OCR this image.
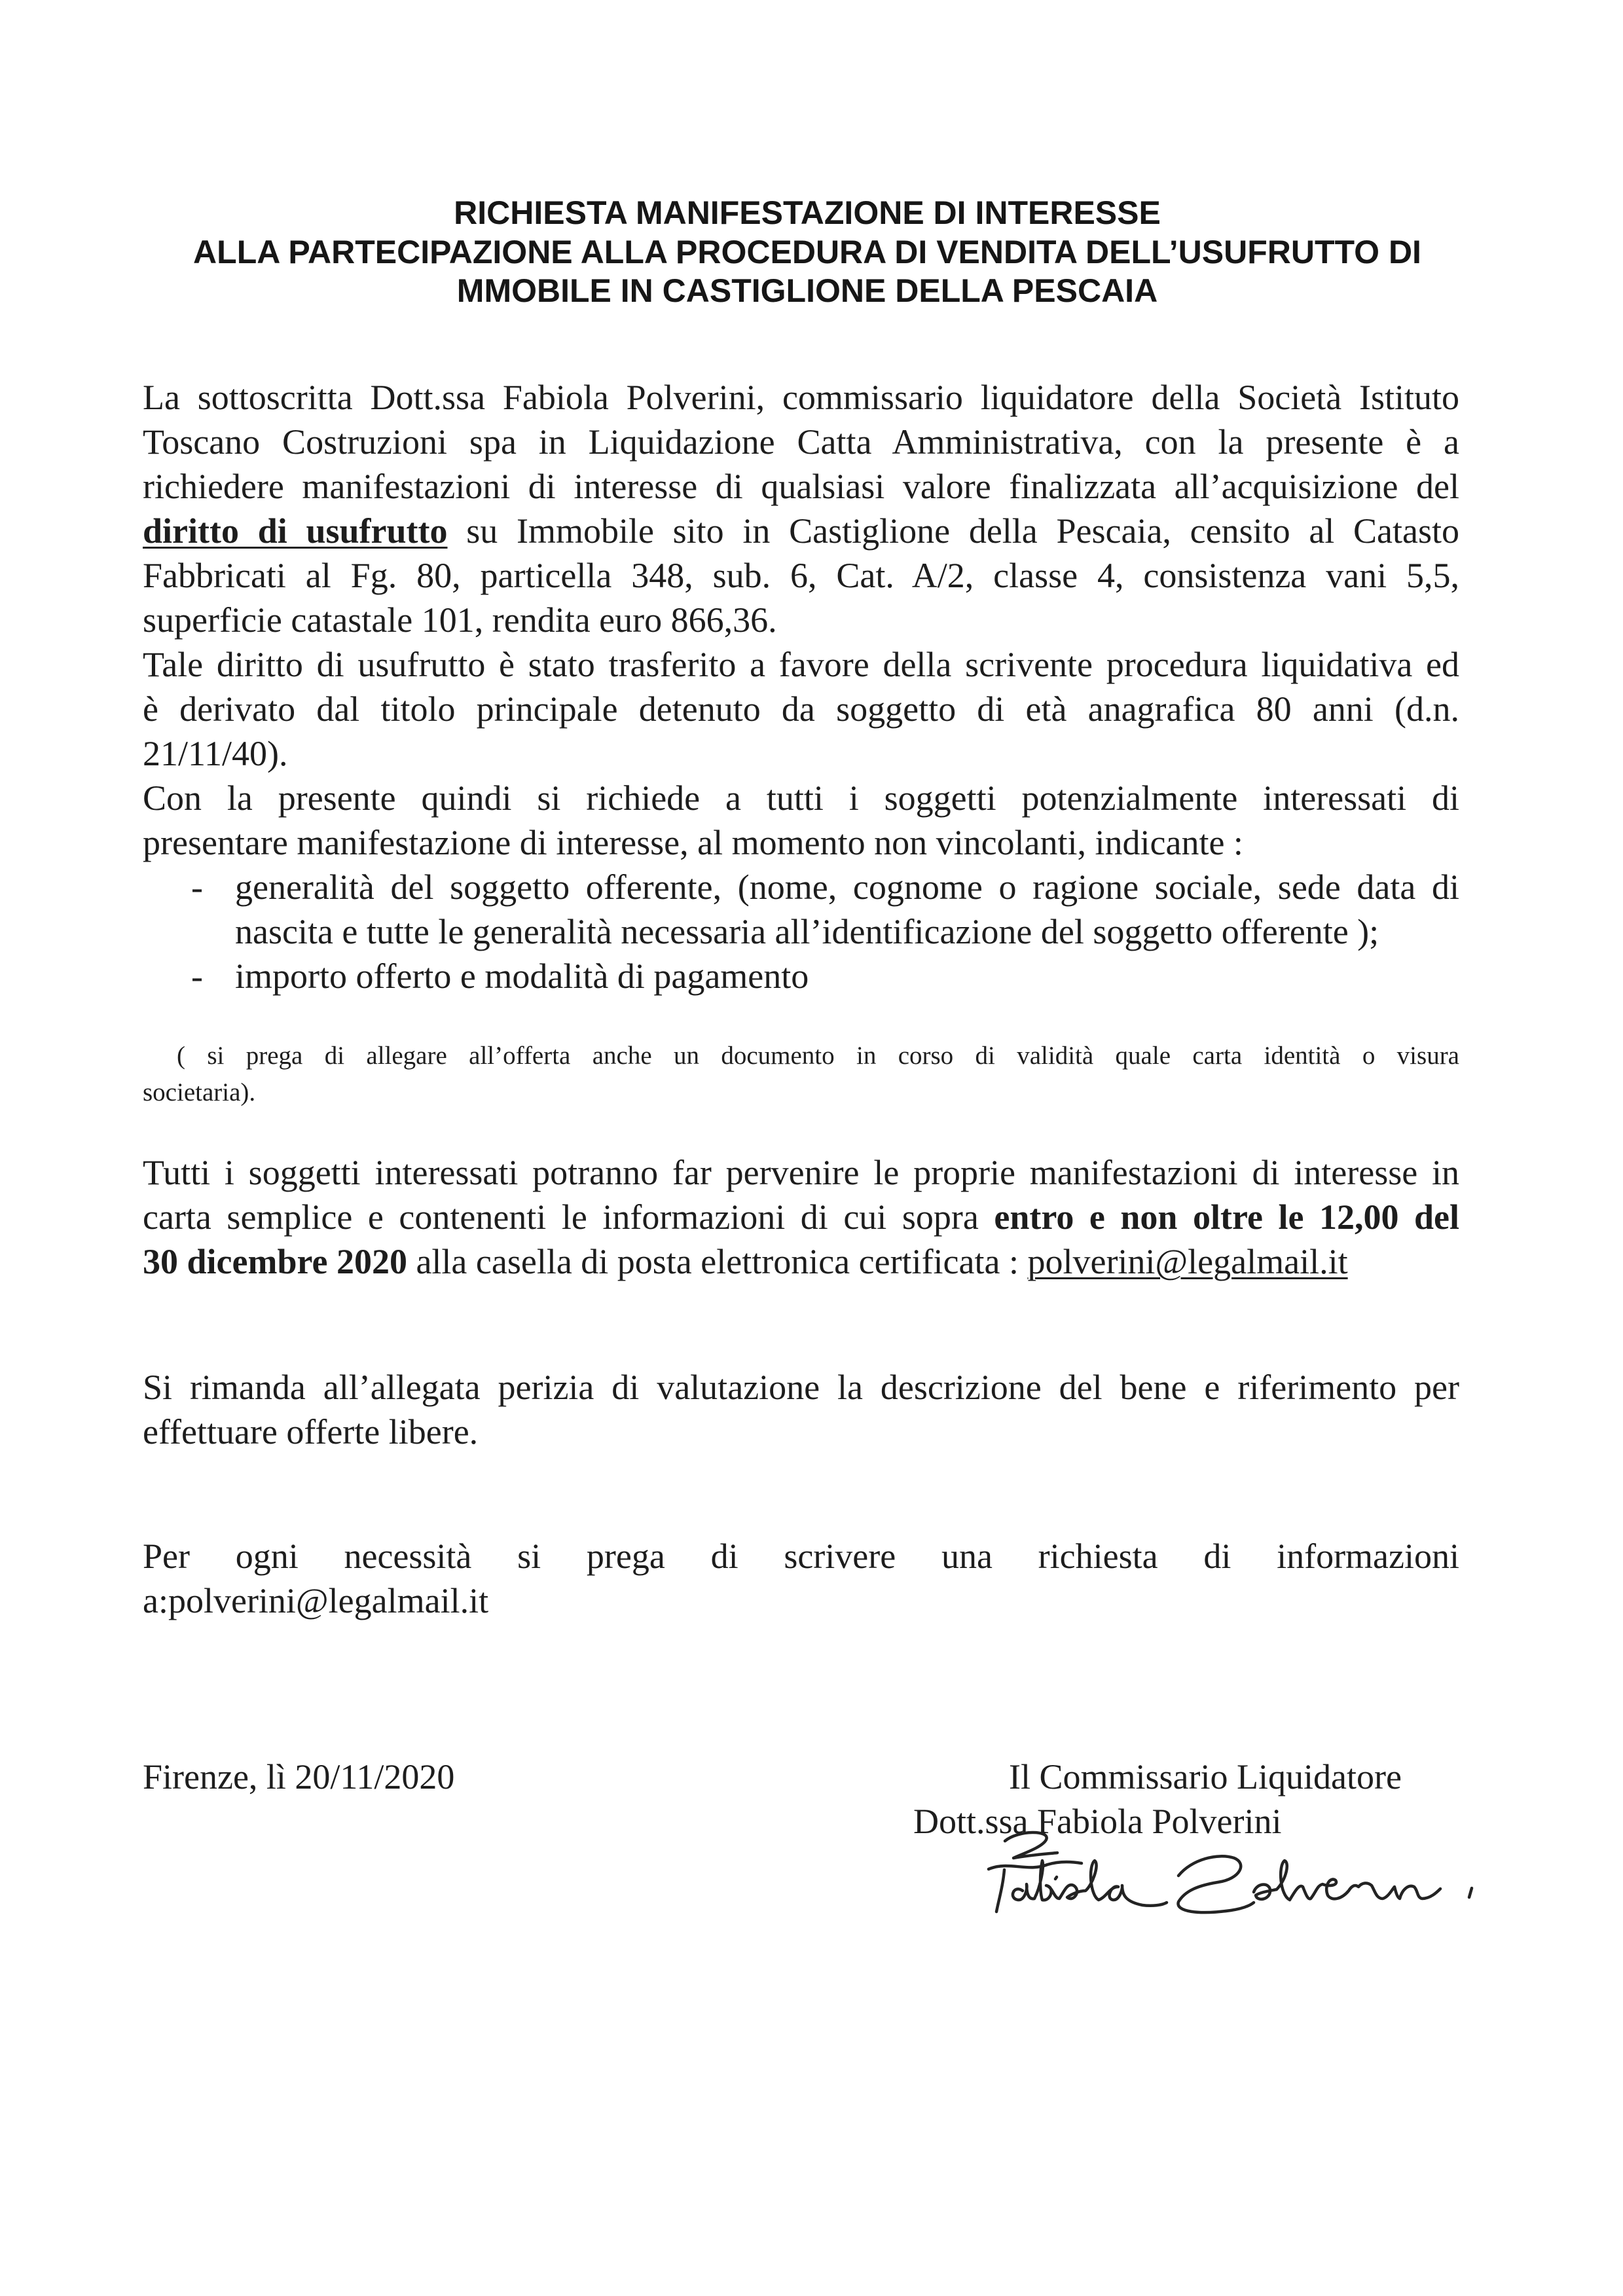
RICHIESTA MANIFESTAZIONE DI INTERESSE
ALLA PARTECIPAZIONE ALLA PROCEDURA DI VENDITA DELL’USUFRUTTO DI
MMOBILE IN CASTIGLIONE DELLA PESCAIA
La sottoscritta Dott.ssa Fabiola Polverini, commissario liquidatore della Società Istituto
Toscano Costruzioni spa in Liquidazione Catta Amministrativa, con la presente è a
richiedere manifestazioni di interesse di qualsiasi valore finalizzata all’acquisizione del
diritto di usufrutto su Immobile sito in Castiglione della Pescaia, censito al Catasto
Fabbricati al Fg. 80, particella 348, sub. 6, Cat. A/2, classe 4, consistenza vani 5,5,
superficie catastale 101, rendita euro 866,36.
Tale diritto di usufrutto è stato trasferito a favore della scrivente procedura liquidativa ed
è derivato dal titolo principale detenuto da soggetto di età anagrafica 80 anni (d.n.
21/11/40).
Con la presente quindi si richiede a tutti i soggetti potenzialmente interessati di
presentare manifestazione di interesse, al momento non vincolanti, indicante :
- generalità del soggetto offerente, (nome, cognome o ragione sociale, sede data di
nascita e tutte le generalità necessaria all’identificazione del soggetto offerente );
- importo offerto e modalità di pagamento
( si prega di allegare all’offerta anche un documento in corso di validità quale carta identità o visura
societaria).
Tutti i soggetti interessati potranno far pervenire le proprie manifestazioni di interesse in
carta semplice e contenenti le informazioni di cui sopra entro e non oltre le 12,00 del
30 dicembre 2020 alla casella di posta elettronica certificata : polverini@legalmail.it
Si rimanda all’allegata perizia di valutazione la descrizione del bene e riferimento per
effettuare offerte libere.
Per ogni necessità si prega di scrivere una richiesta di informazioni
a:polverini@legalmail.it
Firenze, lì 20/11/2020	Il Commissario Liquidatore
Dott.ssa Fabiola Polverini
